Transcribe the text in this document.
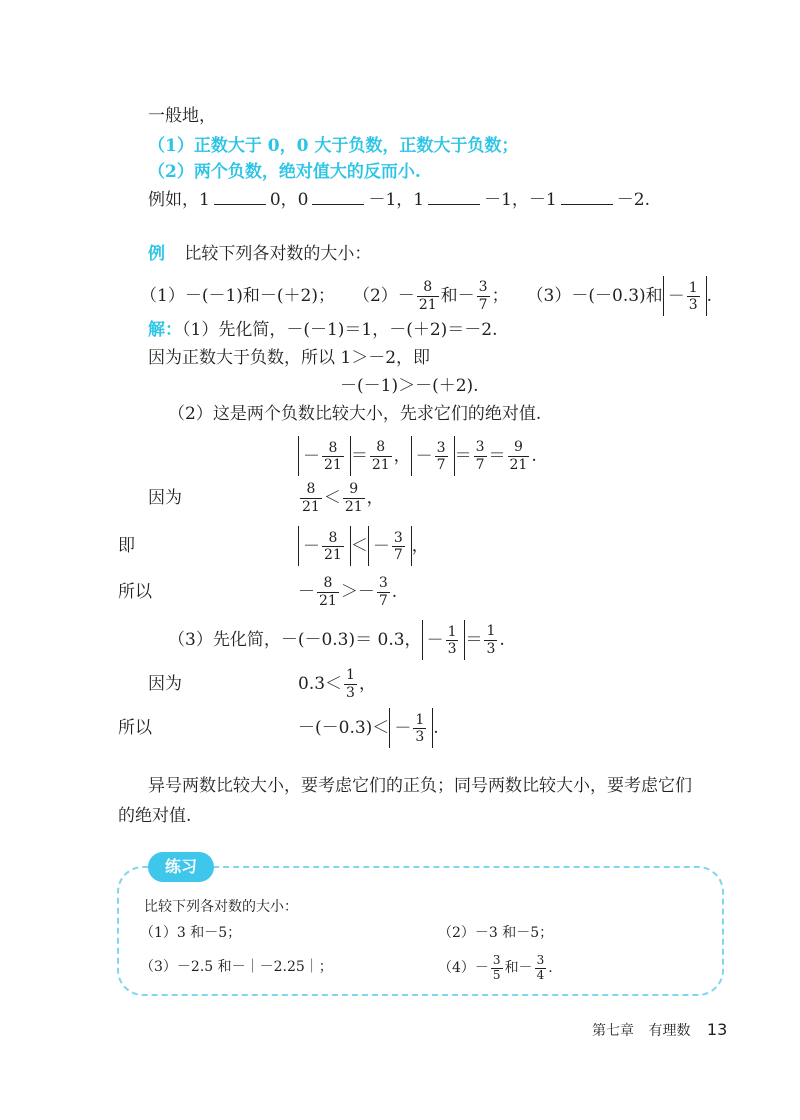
一般地，
（1）正数大于 0，0 大于负数，正数大于负数；
（2）两个负数，绝对值大的反而小.
例如，1	0，0	－1，1	－1，－1	－2.
例 比较下列各对数的大小：
（1）－(－1)和－(＋2)； $(2)- \frac{8}{21}$ 和－ $\frac{3}{7}$ ； （3）－(－0.3)和 － $\frac{1}{3}$ .
解：（1）先化简，－(－1)＝1，－(＋2)＝－2.
因为正数大于负数，所以 1＞－2，即
－(－1)＞－(＋2).
（2）这是两个负数比较大小，先求它们的绝对值.
－ $\frac{8}{21} = \frac{8}{21}$ ， － $\frac{3}{7} = \frac{3}{7} = \frac{9}{21}$ .
因为	$\frac{8}{21} < \frac{9}{21}$ ，
即	－ $\frac{8}{21}$ ＜ － $\frac{3}{7}$ ，
所以	－ $\frac{8}{21}$ ＞ － $\frac{3}{7}$ .
（3）先化简，－(－0.3)＝ 0.3， － $\frac{1}{3} = \frac{1}{3}$ .
因为	$0.3< \frac{1}{3}$ ，
所以	$-(-0.3)< - \frac{1}{3}$ .
异号两数比较大小，要考虑它们的正负；同号两数比较大小，要考虑它们
的绝对值.
练习
比较下列各对数的大小：
（1）3 和－5；	（2）－3 和－5；
（3）－2.5 和－｜－2.25｜；	$(4)- \frac{3}{5}$ 和－ $\frac{3}{4}$ .
第七章 有理数 13
